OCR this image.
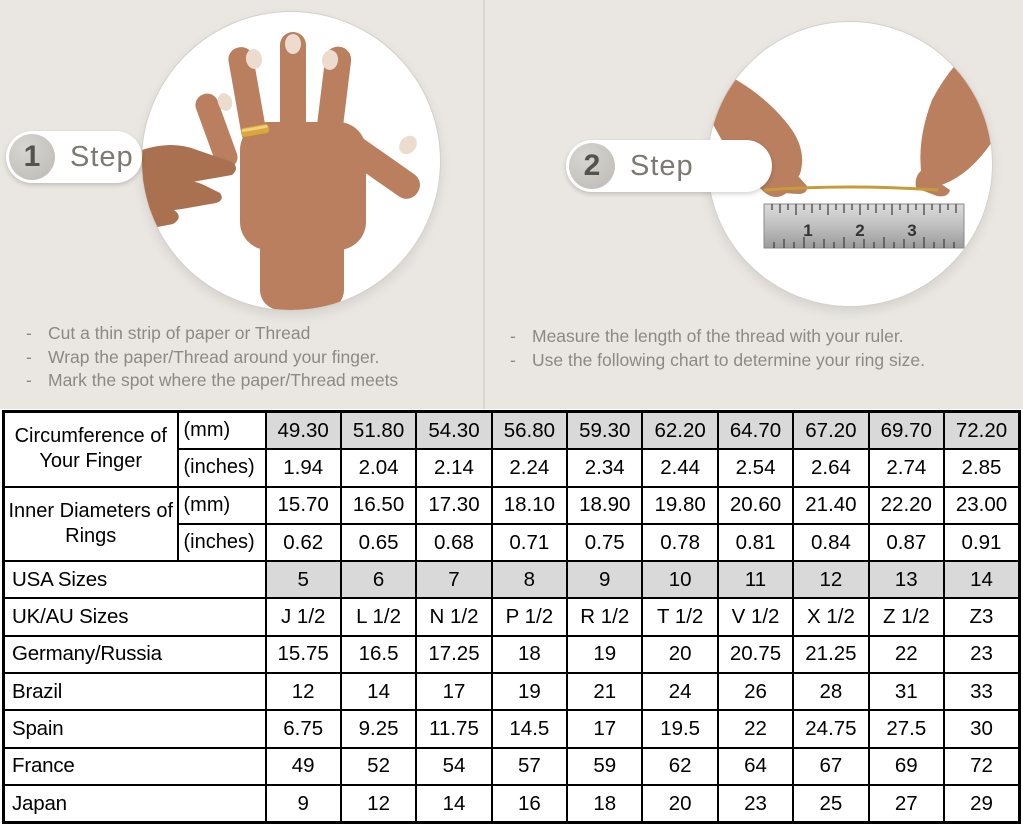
1	Step	2	Step
1	2	3
- Cut a thin strip of paper or Thread
- Wrap the paper/Thread around your finger.
- Mark the spot where the paper/Thread meets
- Measure the length of the thread with your ruler.
- Use the following chart to determine your ring size.
Circumference of Your Finger	(mm)	49.30	51.80	54.30	56.80	59.30	62.20	64.70	67.20	69.70	72.20
	(inches)	1.94	2.04	2.14	2.24	2.34	2.44	2.54	2.64	2.74	2.85
Inner Diameters of Rings	(mm)	15.70	16.50	17.30	18.10	18.90	19.80	20.60	21.40	22.20	23.00
	(inches)	0.62	0.65	0.68	0.71	0.75	0.78	0.81	0.84	0.87	0.91
USA Sizes		5	6	7	8	9	10	11	12	13	14
UK/AU Sizes		J 1/2	L 1/2	N 1/2	P 1/2	R 1/2	T 1/2	V 1/2	X 1/2	Z 1/2	Z3
Germany/Russia		15.75	16.5	17.25	18	19	20	20.75	21.25	22	23
Brazil		12	14	17	19	21	24	26	28	31	33
Spain		6.75	9.25	11.75	14.5	17	19.5	22	24.75	27.5	30
France		49	52	54	57	59	62	64	67	69	72
Japan		9	12	14	16	18	20	23	25	27	29
